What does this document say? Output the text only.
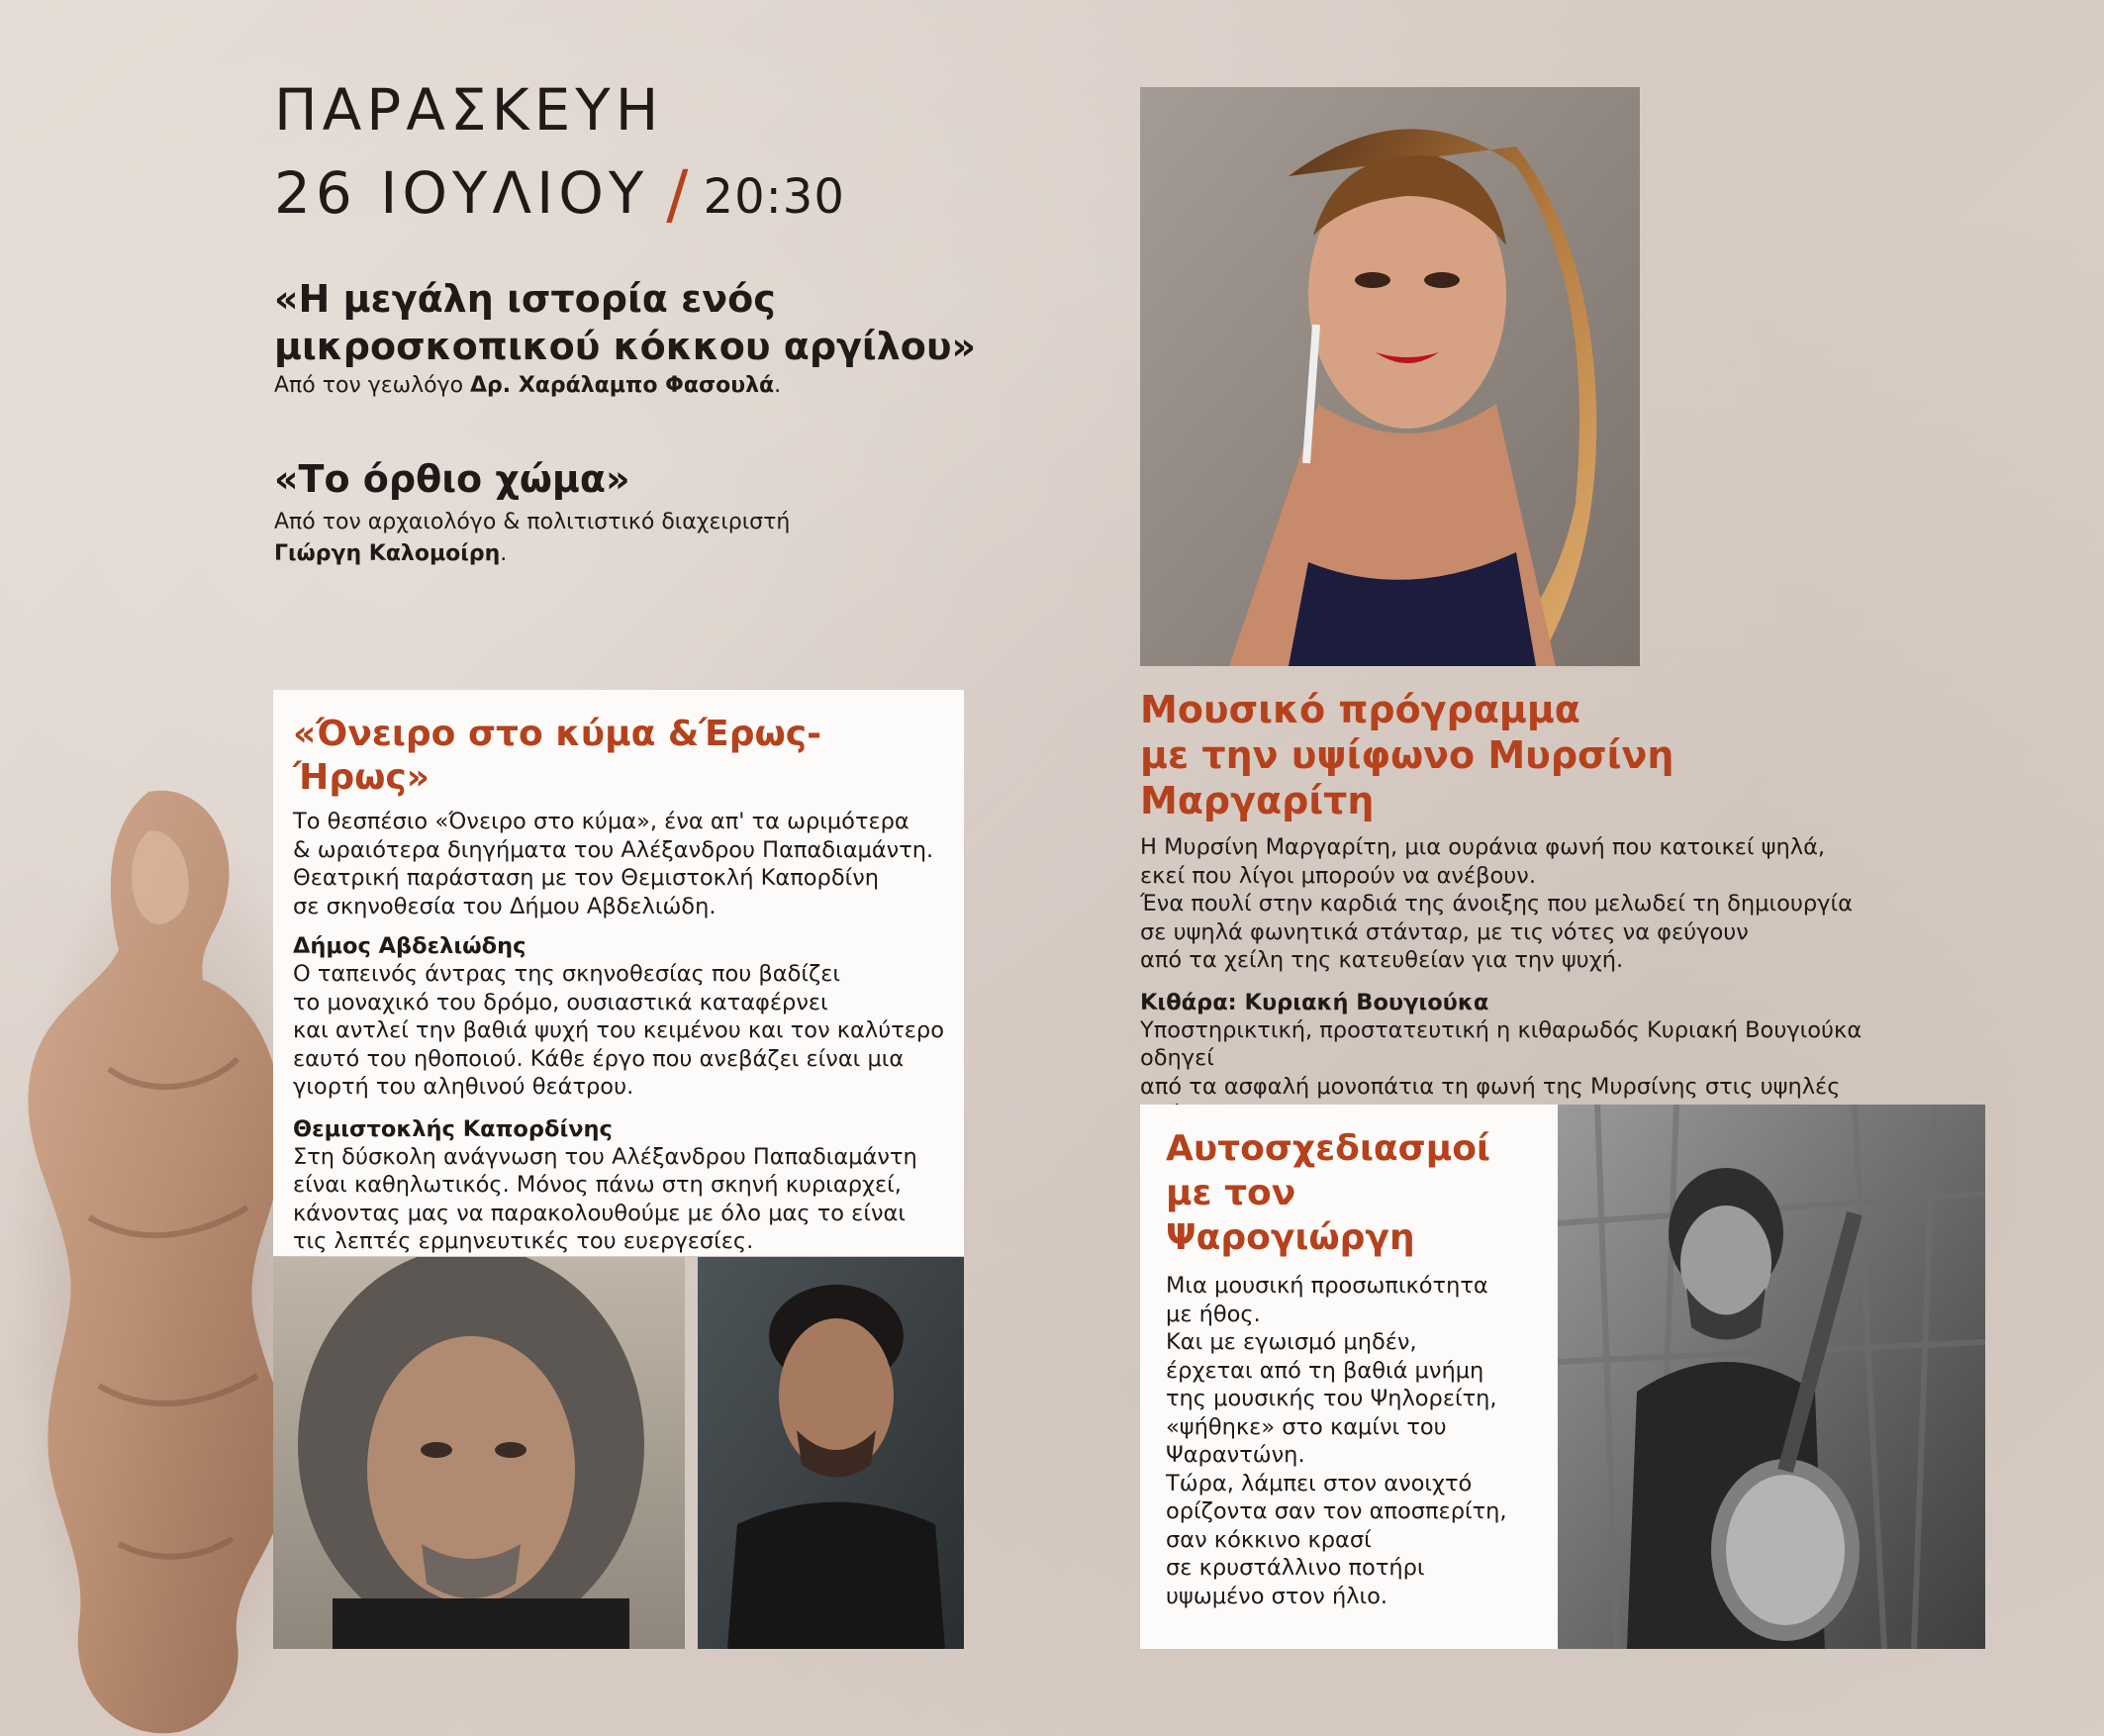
ΠΑΡΑΣΚΕΥΗ
26 ΙΟΥΛΙΟΥ / 20:30
«Η μεγάλη ιστορία ενός
μικροσκοπικού κόκκου αργίλου»
Από τον γεωλόγο Δρ. Χαράλαμπο Φασουλά.
«Το όρθιο χώμα»
Από τον αρχαιολόγο & πολιτιστικό διαχειριστή
Γιώργη Καλομοίρη.
«Όνειρο στο κύμα &Έρως-Ήρως»
Το θεσπέσιο «Όνειρο στο κύμα», ένα απ' τα ωριμότερα
& ωραιότερα διηγήματα του Αλέξανδρου Παπαδιαμάντη.
Θεατρική παράσταση με τον Θεμιστοκλή Καπορδίνη
σε σκηνοθεσία του Δήμου Αβδελιώδη.
Δήμος Αβδελιώδης
Ο ταπεινός άντρας της σκηνοθεσίας που βαδίζει
το μοναχικό του δρόμο, ουσιαστικά καταφέρνει
και αντλεί την βαθιά ψυχή του κειμένου και τον καλύτερο
εαυτό του ηθοποιού. Κάθε έργο που ανεβάζει είναι μια
γιορτή του αληθινού θεάτρου.
Θεμιστοκλής Καπορδίνης
Στη δύσκολη ανάγνωση του Αλέξανδρου Παπαδιαμάντη
είναι καθηλωτικός. Μόνος πάνω στη σκηνή κυριαρχεί,
κάνοντας μας να παρακολουθούμε με όλο μας το είναι
τις λεπτές ερμηνευτικές του ευεργεσίες.
Μουσικό πρόγραμμα
με την υψίφωνο Μυρσίνη Μαργαρίτη
Η Μυρσίνη Μαργαρίτη, μια ουράνια φωνή που κατοικεί ψηλά,
εκεί που λίγοι μπορούν να ανέβουν.
Ένα πουλί στην καρδιά της άνοιξης που μελωδεί τη δημιουργία
σε υψηλά φωνητικά στάνταρ, με τις νότες να φεύγουν
από τα χείλη της κατευθείαν για την ψυχή.
Κιθάρα: Κυριακή Βουγιούκα
Υποστηρικτική, προστατευτική η κιθαρωδός Κυριακή Βουγιούκα οδηγεί
από τα ασφαλή μονοπάτια τη φωνή της Μυρσίνης στις υψηλές
Αυτοσχεδιασμοί
με τον
Ψαρογιώργη
Μια μουσική προσωπικότητα
με ήθος.
Και με εγωισμό μηδέν,
έρχεται από τη βαθιά μνήμη
της μουσικής του Ψηλορείτη,
«ψήθηκε» στο καμίνι του
Ψαραντώνη.
Τώρα, λάμπει στον ανοιχτό
ορίζοντα σαν τον αποσπερίτη,
σαν κόκκινο κρασί
σε κρυστάλλινο ποτήρι
υψωμένο στον ήλιο.
